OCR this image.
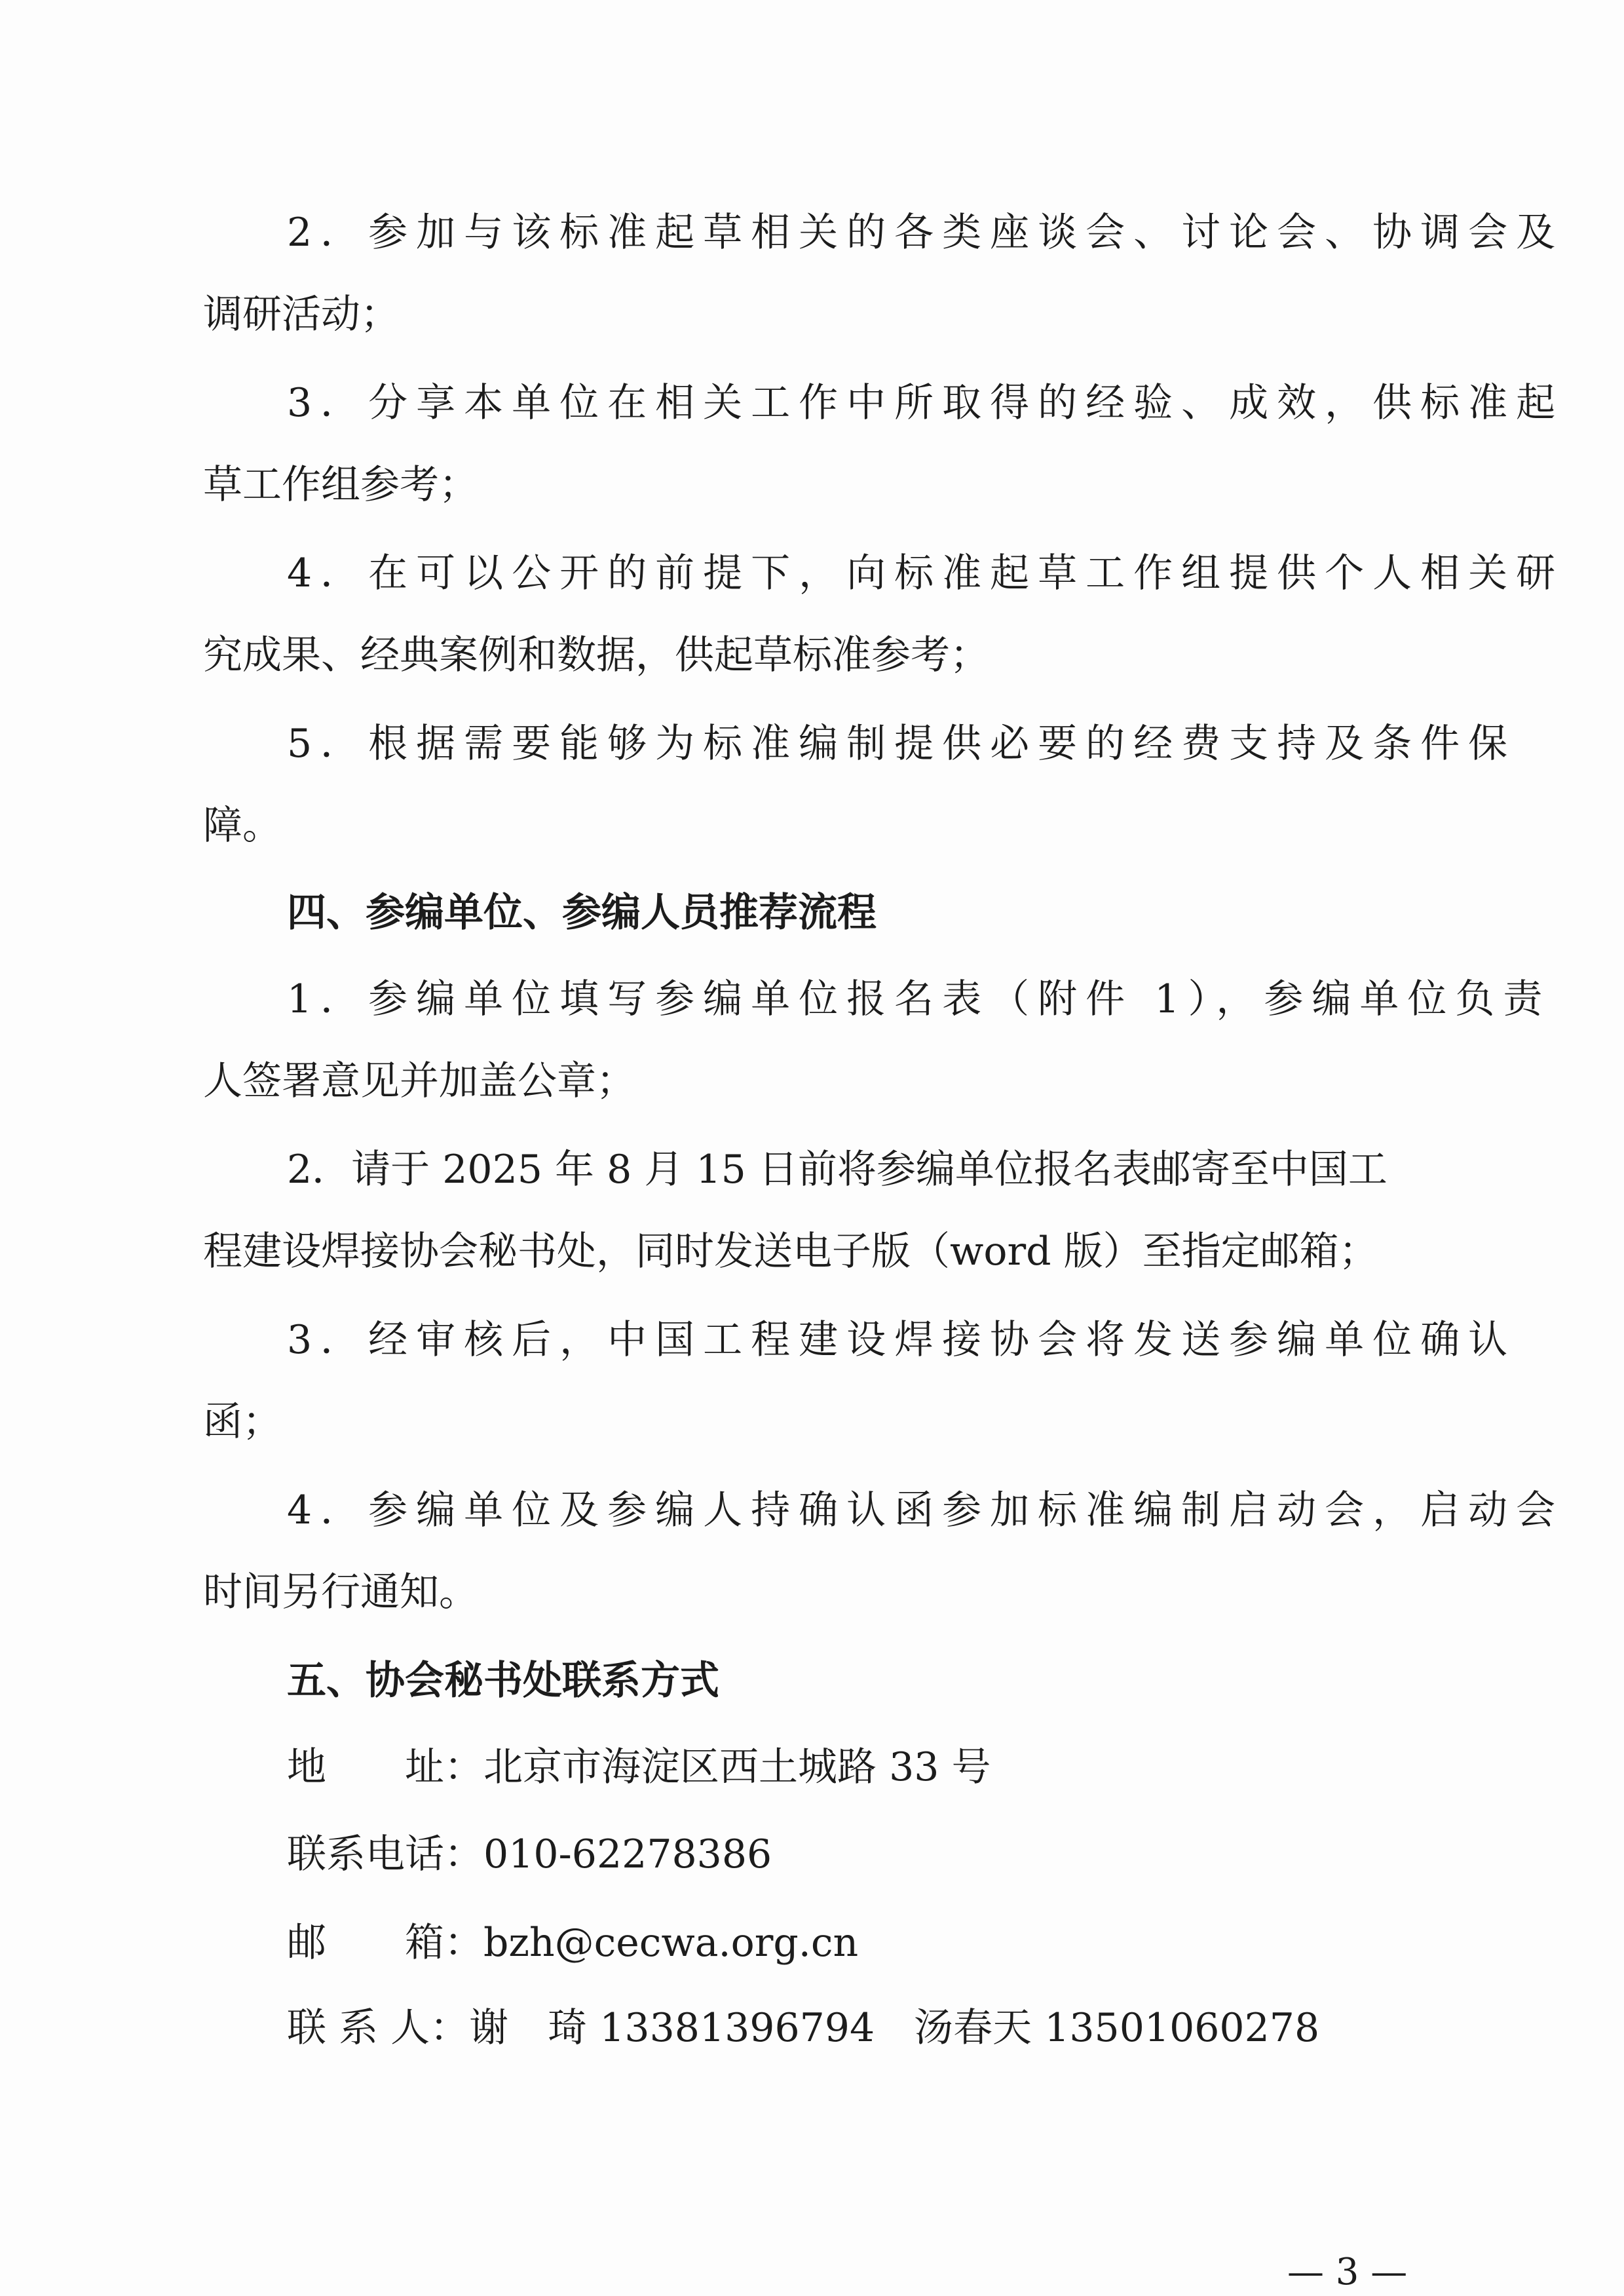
2．参加与该标准起草相关的各类座谈会、讨论会、协调会及
调研活动；
3．分享本单位在相关工作中所取得的经验、成效，供标准起
草工作组参考；
4．在可以公开的前提下，向标准起草工作组提供个人相关研
究成果、经典案例和数据，供起草标准参考；
5．根据需要能够为标准编制提供必要的经费支持及条件保
障。
四、参编单位、参编人员推荐流程
1．参编单位填写参编单位报名表（附件 1），参编单位负责
人签署意见并加盖公章；
2．请于 2025 年 8 月 15 日前将参编单位报名表邮寄至中国工
程建设焊接协会秘书处，同时发送电子版（word 版）至指定邮箱；
3．经审核后，中国工程建设焊接协会将发送参编单位确认
函；
4．参编单位及参编人持确认函参加标准编制启动会，启动会
时间另行通知。
五、协会秘书处联系方式
地　　址：北京市海淀区西土城路 33 号
联系电话：010-62278386
邮　　箱：bzh@cecwa.org.cn
联 系 人：谢　琦 13381396794　汤春天 13501060278
— 3 —
